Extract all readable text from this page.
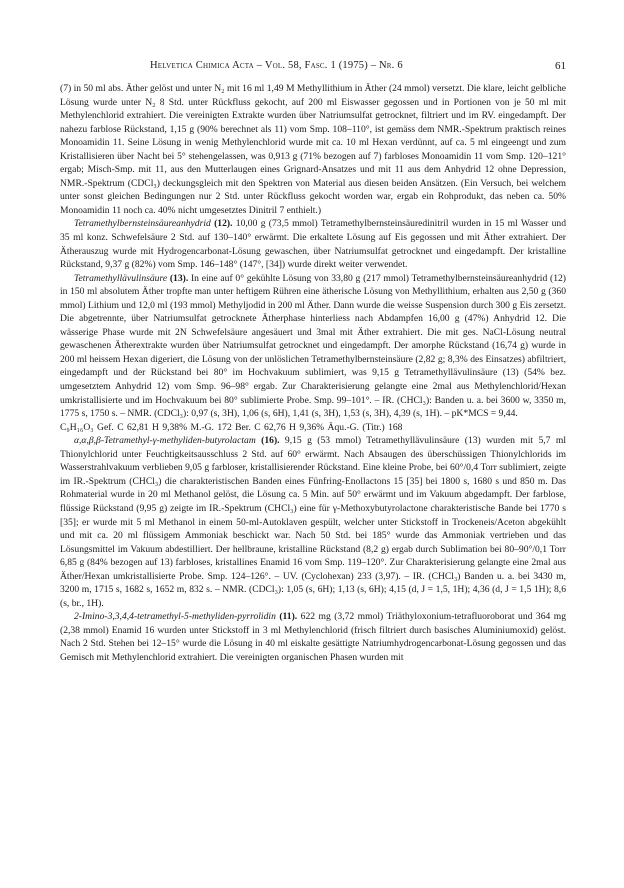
Helvetica Chimica Acta – Vol. 58, Fasc. 1 (1975) – Nr. 6	61

(7) in 50 ml abs. Äther gelöst und unter N₂ mit 16 ml 1,49 M Methyllithium in Äther (24 mmol) versetzt. Die klare, leicht gelbliche Lösung wurde unter N₂ 8 Std. unter Rückfluss gekocht, auf 200 ml Eiswasser gegossen und in Portionen von je 50 ml mit Methylenchlorid extrahiert. Die vereinigten Extrakte wurden über Natriumsulfat getrocknet, filtriert und im RV. eingedampft. Der nahezu farblose Rückstand, 1,15 g (90% berechnet als 11) vom Smp. 108–110°, ist gemäss dem NMR.-Spektrum praktisch reines Monoamidin 11. Seine Lösung in wenig Methylenchlorid wurde mit ca. 10 ml Hexan verdünnt, auf ca. 5 ml eingeengt und zum Kristallisieren über Nacht bei 5° stehengelassen, was 0,913 g (71% bezogen auf 7) farbloses Monoamidin 11 vom Smp. 120–121° ergab; Misch-Smp. mit 11, aus den Mutterlaugen eines Grignard-Ansatzes und mit 11 aus dem Anhydrid 12 ohne Depression, NMR.-Spektrum (CDCl₃) deckungsgleich mit den Spektren von Material aus diesen beiden Ansätzen. (Ein Versuch, bei welchem unter sonst gleichen Bedingungen nur 2 Std. unter Rückfluss gekocht worden war, ergab ein Rohprodukt, das neben ca. 50% Monoamidin 11 noch ca. 40% nicht umgesetztes Dinitril 7 enthielt.)

Tetramethylbernsteinsäureanhydrid (12). 10,00 g (73,5 mmol) Tetramethylbernsteinsäuredinitril wurden in 15 ml Wasser und 35 ml konz. Schwefelsäure 2 Std. auf 130–140° erwärmt. Die erkaltete Lösung auf Eis gegossen und mit Äther extrahiert. Der Ätherauszug wurde mit Hydrogencarbonat-Lösung gewaschen, über Natriumsulfat getrocknet und eingedampft. Der kristalline Rückstand, 9,37 g (82%) vom Smp. 146–148° (147°, [34]) wurde direkt weiter verwendet.

Tetramethyllävulinsäure (13). In eine auf 0° gekühlte Lösung von 33,80 g (217 mmol) Tetramethylbernsteinsäureanhydrid (12) in 150 ml absolutem Äther tropfte man unter heftigem Rühren eine ätherische Lösung von Methyllithium, erhalten aus 2,50 g (360 mmol) Lithium und 12,0 ml (193 mmol) Methyljodid in 200 ml Äther. Dann wurde die weisse Suspension durch 300 g Eis zersetzt. Die abgetrennte, über Natriumsulfat getrocknete Ätherphase hinterliess nach Abdampfen 16,00 g (47%) Anhydrid 12. Die wässerige Phase wurde mit 2N Schwefelsäure angesäuert und 3mal mit Äther extrahiert. Die mit ges. NaCl-Lösung neutral gewaschenen Ätherextrakte wurden über Natriumsulfat getrocknet und eingedampft. Der amorphe Rückstand (16,74 g) wurde in 200 ml heissem Hexan digeriert, die Lösung von der unlöslichen Tetramethylbernsteinsäure (2,82 g; 8,3% des Einsatzes) abfiltriert, eingedampft und der Rückstand bei 80° im Hochvakuum sublimiert, was 9,15 g Tetramethyllävulinsäure (13) (54% bez. umgesetztem Anhydrid 12) vom Smp. 96–98° ergab. Zur Charakterisierung gelangte eine 2mal aus Methylenchlorid/Hexan umkristallisierte und im Hochvakuum bei 80° sublimierte Probe. Smp. 99–101°. – IR. (CHCl₃): Banden u. a. bei 3600 w, 3350 m, 1775 s, 1750 s. – NMR. (CDCl₃): 0,97 (s, 3H), 1,06 (s, 6H), 1,41 (s, 3H), 1,53 (s, 3H), 4,39 (s, 1H). – pK*MCS = 9,44.

C₉H₁₆O₃ Gef. C 62,81 H 9,38% M.-G. 172 Ber. C 62,76 H 9,36% Äqu.-G. (Titr.) 168

α,α,β,β-Tetramethyl-γ-methyliden-butyrolactam (16). 9,15 g (53 mmol) Tetramethyllävulinsäure (13) wurden mit 5,7 ml Thionylchlorid unter Feuchtigkeitsausschluss 2 Std. auf 60° erwärmt. Nach Absaugen des überschüssigen Thionylchlorids im Wasserstrahlvakuum verblieben 9,05 g farbloser, kristallisierender Rückstand. Eine kleine Probe, bei 60°/0,4 Torr sublimiert, zeigte im IR.-Spektrum (CHCl₃) die charakteristischen Banden eines Fünfring-Enollactons 15 [35] bei 1800 s, 1680 s und 850 m. Das Rohmaterial wurde in 20 ml Methanol gelöst, die Lösung ca. 5 Min. auf 50° erwärmt und im Vakuum abgedampft. Der farblose, flüssige Rückstand (9,95 g) zeigte im IR.-Spektrum (CHCl₃) eine für γ-Methoxybutyrolactone charakteristische Bande bei 1770 s [35]; er wurde mit 5 ml Methanol in einem 50-ml-Autoklaven gespült, welcher unter Stickstoff in Trockeneis/Aceton abgekühlt und mit ca. 20 ml flüssigem Ammoniak beschickt war. Nach 50 Std. bei 185° wurde das Ammoniak vertrieben und das Lösungsmittel im Vakuum abdestilliert. Der hellbraune, kristalline Rückstand (8,2 g) ergab durch Sublimation bei 80–90°/0,1 Torr 6,85 g (84% bezogen auf 13) farbloses, kristallines Enamid 16 vom Smp. 119–120°. Zur Charakterisierung gelangte eine 2mal aus Äther/Hexan umkristallisierte Probe. Smp. 124–126°. – UV. (Cyclohexan) 233 (3,97). – IR. (CHCl₃) Banden u. a. bei 3430 m, 3200 m, 1715 s, 1682 s, 1652 m, 832 s. – NMR. (CDCl₃): 1,05 (s, 6H); 1,13 (s, 6H); 4,15 (d, J = 1,5, 1H); 4,36 (d, J = 1,5 1H); 8,6 (s, br., 1H).

2-Imino-3,3,4,4-tetramethyl-5-methyliden-pyrrolidin (11). 622 mg (3,72 mmol) Triäthyloxonium-tetrafluoroborat und 364 mg (2,38 mmol) Enamid 16 wurden unter Stickstoff in 3 ml Methylenchlorid (frisch filtriert durch basisches Aluminiumoxid) gelöst. Nach 2 Std. Stehen bei 12–15° wurde die Lösung in 40 ml eiskalte gesättigte Natriumhydrogencarbonat-Lösung gegossen und das Gemisch mit Methylenchlorid extrahiert. Die vereinigten organischen Phasen wurden mit
